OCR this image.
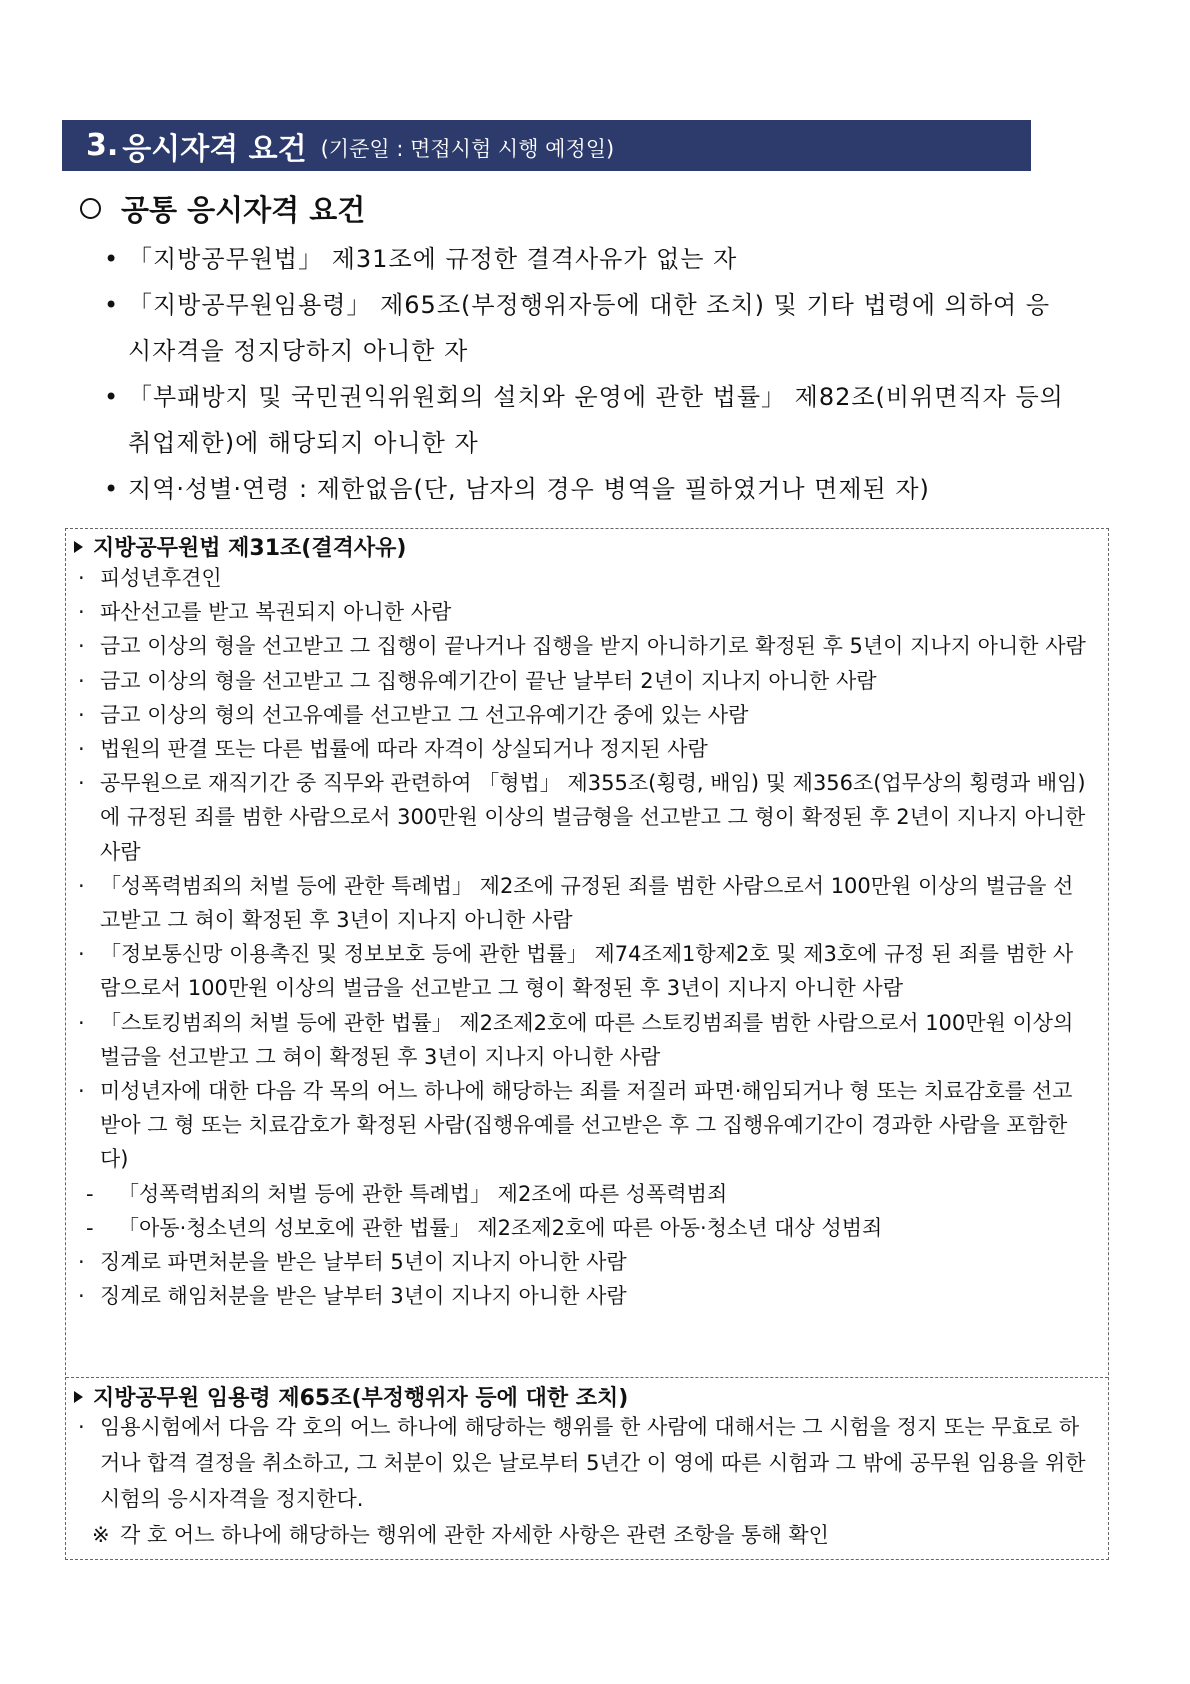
3. 응시자격 요건 (기준일 : 면접시험 시행 예정일)
공통 응시자격 요건
• 「지방공무원법」 제31조에 규정한 결격사유가 없는 자
• 「지방공무원임용령」 제65조(부정행위자등에 대한 조치) 및 기타 법령에 의하여 응시자격을 정지당하지 아니한 자
• 「부패방지 및 국민권익위원회의 설치와 운영에 관한 법률」 제82조(비위면직자 등의 취업제한)에 해당되지 아니한 자
• 지역·성별·연령 : 제한없음(단, 남자의 경우 병역을 필하였거나 면제된 자)
지방공무원법 제31조(결격사유)
· 피성년후견인
· 파산선고를 받고 복권되지 아니한 사람
· 금고 이상의 형을 선고받고 그 집행이 끝나거나 집행을 받지 아니하기로 확정된 후 5년이 지나지 아니한 사람
· 금고 이상의 형을 선고받고 그 집행유예기간이 끝난 날부터 2년이 지나지 아니한 사람
· 금고 이상의 형의 선고유예를 선고받고 그 선고유예기간 중에 있는 사람
· 법원의 판결 또는 다른 법률에 따라 자격이 상실되거나 정지된 사람
· 공무원으로 재직기간 중 직무와 관련하여 「형법」 제355조(횡령, 배임) 및 제356조(업무상의 횡령과 배임)에 규정된 죄를 범한 사람으로서 300만원 이상의 벌금형을 선고받고 그 형이 확정된 후 2년이 지나지 아니한 사람
· 「성폭력범죄의 처벌 등에 관한 특례법」 제2조에 규정된 죄를 범한 사람으로서 100만원 이상의 벌금을 선고받고 그 혀이 확정된 후 3년이 지나지 아니한 사람
· 「정보통신망 이용촉진 및 정보보호 등에 관한 법률」 제74조제1항제2호 및 제3호에 규정 된 죄를 범한 사람으로서 100만원 이상의 벌금을 선고받고 그 형이 확정된 후 3년이 지나지 아니한 사람
· 「스토킹범죄의 처벌 등에 관한 법률」 제2조제2호에 따른 스토킹범죄를 범한 사람으로서 100만원 이상의 벌금을 선고받고 그 혀이 확정된 후 3년이 지나지 아니한 사람
· 미성년자에 대한 다음 각 목의 어느 하나에 해당하는 죄를 저질러 파면·해임되거나 형 또는 치료감호를 선고받아 그 형 또는 치료감호가 확정된 사람(집행유예를 선고받은 후 그 집행유예기간이 경과한 사람을 포함한다)
-	「성폭력범죄의 처벌 등에 관한 특례법」 제2조에 따른 성폭력범죄
-	「아동·청소년의 성보호에 관한 법률」 제2조제2호에 따른 아동·청소년 대상 성범죄
· 징계로 파면처분을 받은 날부터 5년이 지나지 아니한 사람
· 징계로 해임처분을 받은 날부터 3년이 지나지 아니한 사람
지방공무원 임용령 제65조(부정행위자 등에 대한 조치)
· 임용시험에서 다음 각 호의 어느 하나에 해당하는 행위를 한 사람에 대해서는 그 시험을 정지 또는 무효로 하거나 합격 결정을 취소하고, 그 처분이 있은 날로부터 5년간 이 영에 따른 시험과 그 밖에 공무원 임용을 위한 시험의 응시자격을 정지한다.
※ 각 호 어느 하나에 해당하는 행위에 관한 자세한 사항은 관련 조항을 통해 확인
